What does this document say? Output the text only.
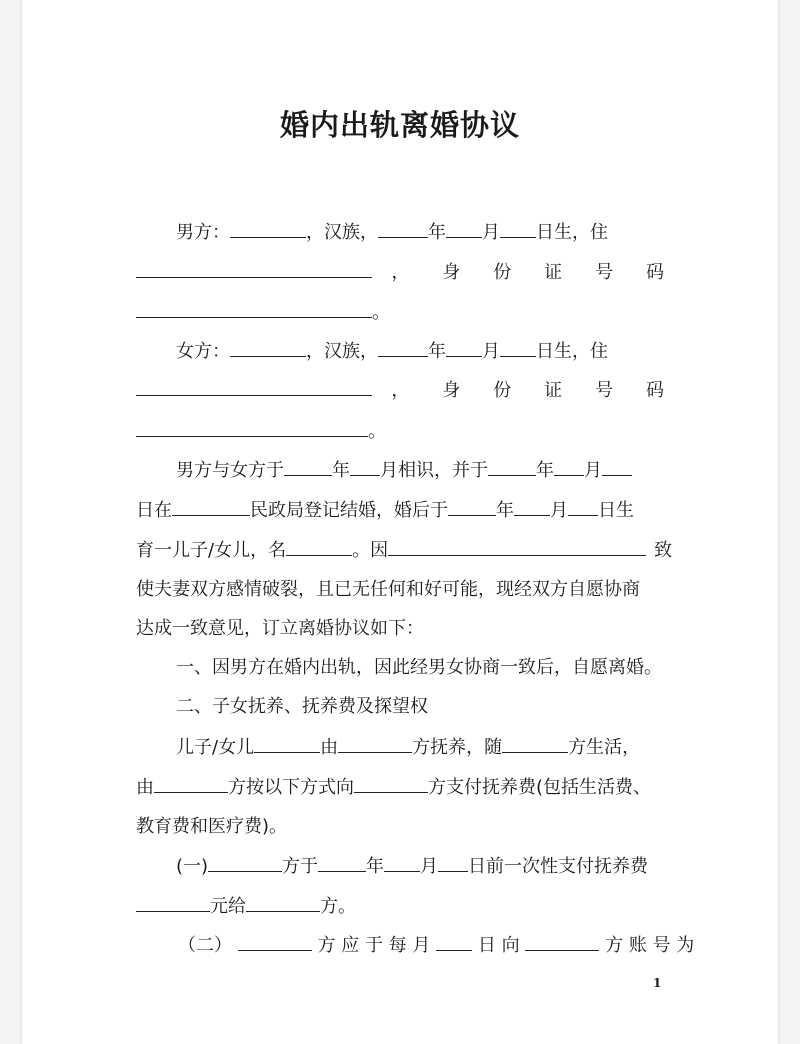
婚内出轨离婚协议
男方：	，汉族，	年 月 日生，住
， 身 份 证 号 码
。
女方：	，汉族，	年 月 日生，住
， 身 份 证 号 码
。
男方与女方于	年 月相识，并于	年 月
日在	民政局登记结婚，婚后于	年 月 日生
育一儿子/女儿，名	。因	致
使夫妻双方感情破裂，且已无任何和好可能，现经双方自愿协商
达成一致意见，订立离婚协议如下：
一、因男方在婚内出轨，因此经男女协商一致后，自愿离婚。
二、子女抚养、抚养费及探望权
儿子/女儿	由	方抚养，随	方生活，
由	方按以下方式向	方支付抚养费(包括生活费、
教育费和医疗费)。
(一)	方于	年 月 日前一次性支付抚养费
元给	方。
（二）	方 应 于 每 月	日 向	方 账 号 为
1
